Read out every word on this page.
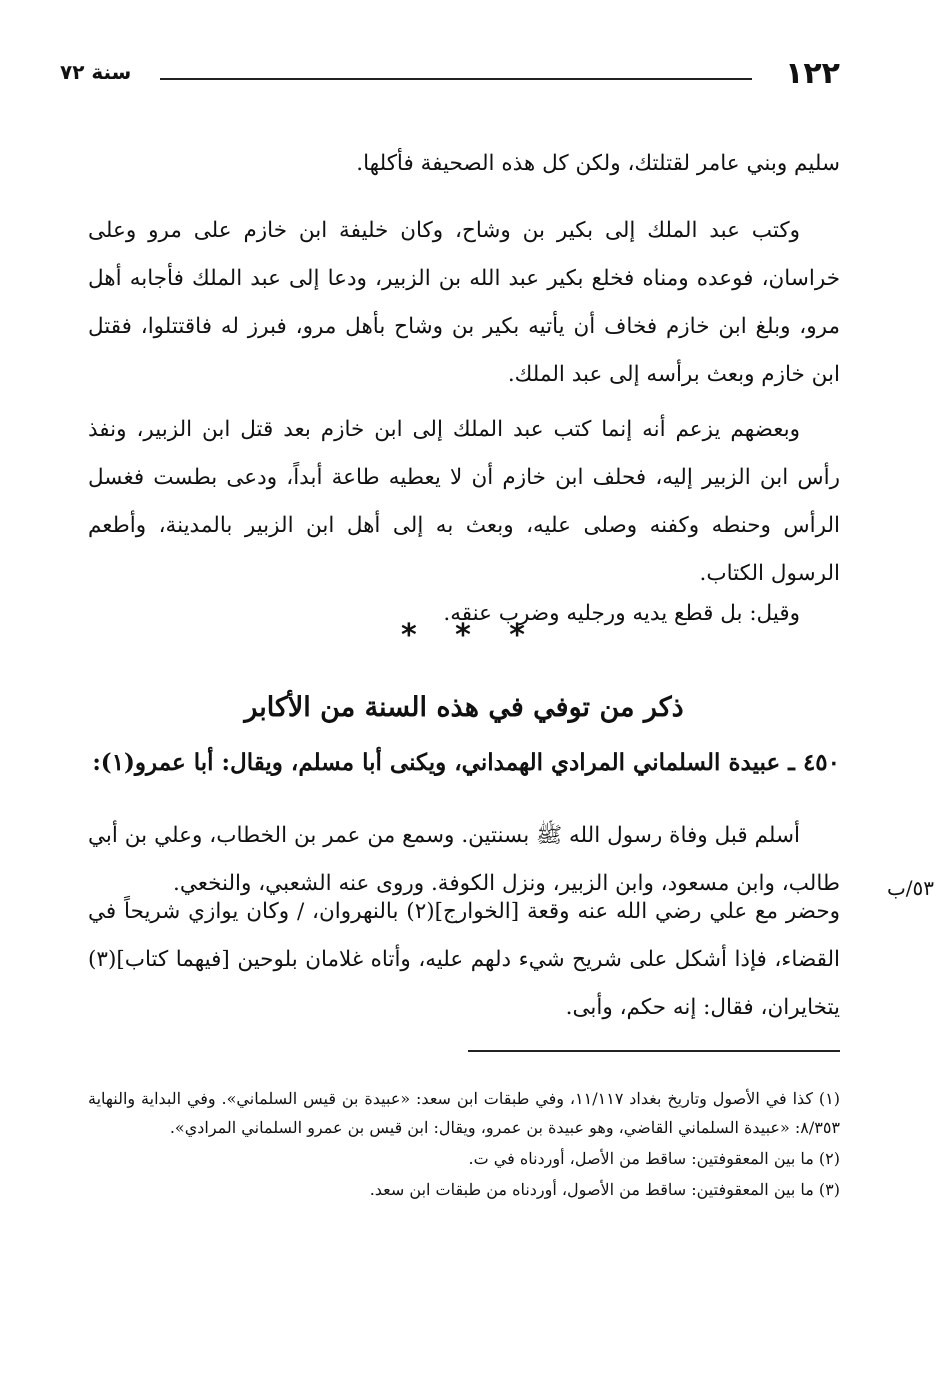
١٢٢
سنة ٧٢

سليم وبني عامر لقتلتك، ولكن كل هذه الصحيفة فأكلها.

وكتب عبد الملك إلى بكير بن وشاح، وكان خليفة ابن خازم على مرو وعلى خراسان، فوعده ومناه فخلع بكير عبد الله بن الزبير، ودعا إلى عبد الملك فأجابه أهل مرو، وبلغ ابن خازم فخاف أن يأتيه بكير بن وشاح بأهل مرو، فبرز له فاقتتلوا، فقتل ابن خازم وبعث برأسه إلى عبد الملك.

وبعضهم يزعم أنه إنما كتب عبد الملك إلى ابن خازم بعد قتل ابن الزبير، ونفذ رأس ابن الزبير إليه، فحلف ابن خازم أن لا يعطيه طاعة أبداً، ودعى بطست فغسل الرأس وحنطه وكفنه وصلى عليه، وبعث به إلى أهل ابن الزبير بالمدينة، وأطعم الرسول الكتاب.

وقيل: بل قطع يديه ورجليه وضرب عنقه.

* * *
ذكر من توفي في هذه السنة من الأكابر
٤٥٠ ـ عبيدة السلماني المرادي الهمداني، ويكنى أبا مسلم، ويقال: أبا عمرو(١):

أسلم قبل وفاة رسول الله ﷺ بسنتين. وسمع من عمر بن الخطاب، وعلي بن أبي طالب، وابن مسعود، وابن الزبير، ونزل الكوفة. وروى عنه الشعبي، والنخعي. ٥٣/ب

وحضر مع علي رضي الله عنه وقعة [الخوارج](٢) بالنهروان، / وكان يوازي شريحاً في القضاء، فإذا أشكل على شريح شيء دلهم عليه، وأتاه غلامان بلوحين [فيهما كتاب](٣) يتخايران، فقال: إنه حكم، وأبى.

(١) كذا في الأصول وتاريخ بغداد ١١/١١٧، وفي طبقات ابن سعد: «عبيدة بن قيس السلماني». وفي البداية والنهاية ٨/٣٥٣: «عبيدة السلماني القاضي، وهو عبيدة بن عمرو، ويقال: ابن قيس بن عمرو السلماني المرادي».

(٢) ما بين المعقوفتين: ساقط من الأصل، أوردناه في ت.

(٣) ما بين المعقوفتين: ساقط من الأصول، أوردناه من طبقات ابن سعد.
